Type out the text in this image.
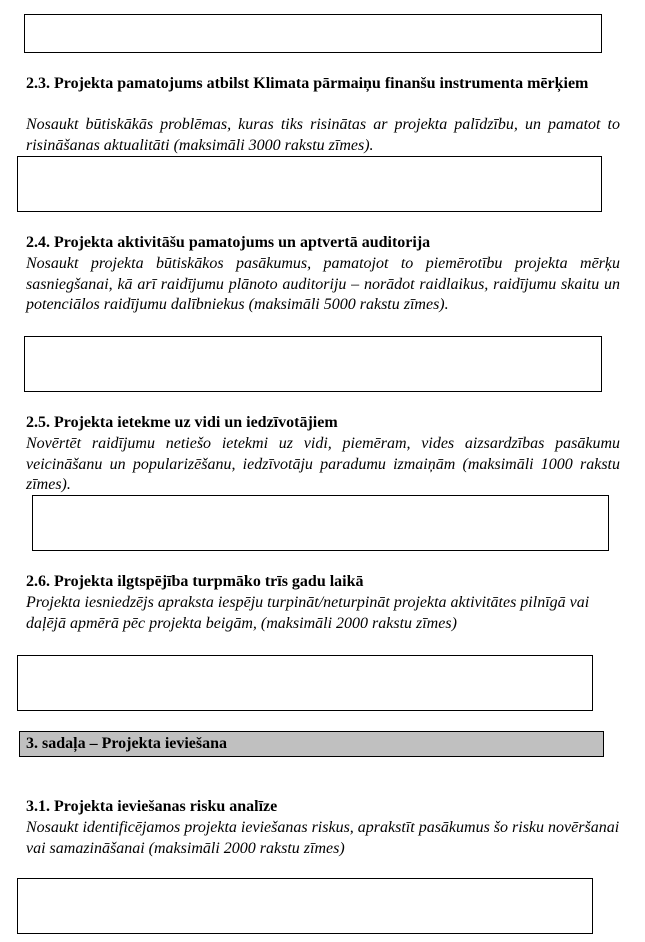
2.3. Projekta pamatojums atbilst Klimata pārmaiņu finanšu instrumenta mērķiem
Nosaukt būtiskākās problēmas, kuras tiks risinātas ar projekta palīdzību, un pamatot to risināšanas aktualitāti (maksimāli 3000 rakstu zīmes).
2.4. Projekta aktivitāšu pamatojums un aptvertā auditorija
Nosaukt projekta būtiskākos pasākumus, pamatojot to piemērotību projekta mērķu sasniegšanai, kā arī raidījumu plānoto auditoriju – norādot raidlaikus, raidījumu skaitu un potenciālos raidījumu dalībniekus (maksimāli 5000 rakstu zīmes).
2.5. Projekta ietekme uz vidi un iedzīvotājiem
Novērtēt raidījumu netiešo ietekmi uz vidi, piemēram, vides aizsardzības pasākumu veicināšanu un popularizēšanu, iedzīvotāju paradumu izmaiņām (maksimāli 1000 rakstu zīmes).
2.6. Projekta ilgtspējība turpmāko trīs gadu laikā
Projekta iesniedzējs apraksta iespēju turpināt/neturpināt projekta aktivitātes pilnīgā vai daļējā apmērā pēc projekta beigām, (maksimāli 2000 rakstu zīmes)
3. sadaļa – Projekta ieviešana
3.1. Projekta ieviešanas risku analīze
Nosaukt identificējamos projekta ieviešanas riskus, aprakstīt pasākumus šo risku novēršanai vai samazināšanai (maksimāli 2000 rakstu zīmes)
